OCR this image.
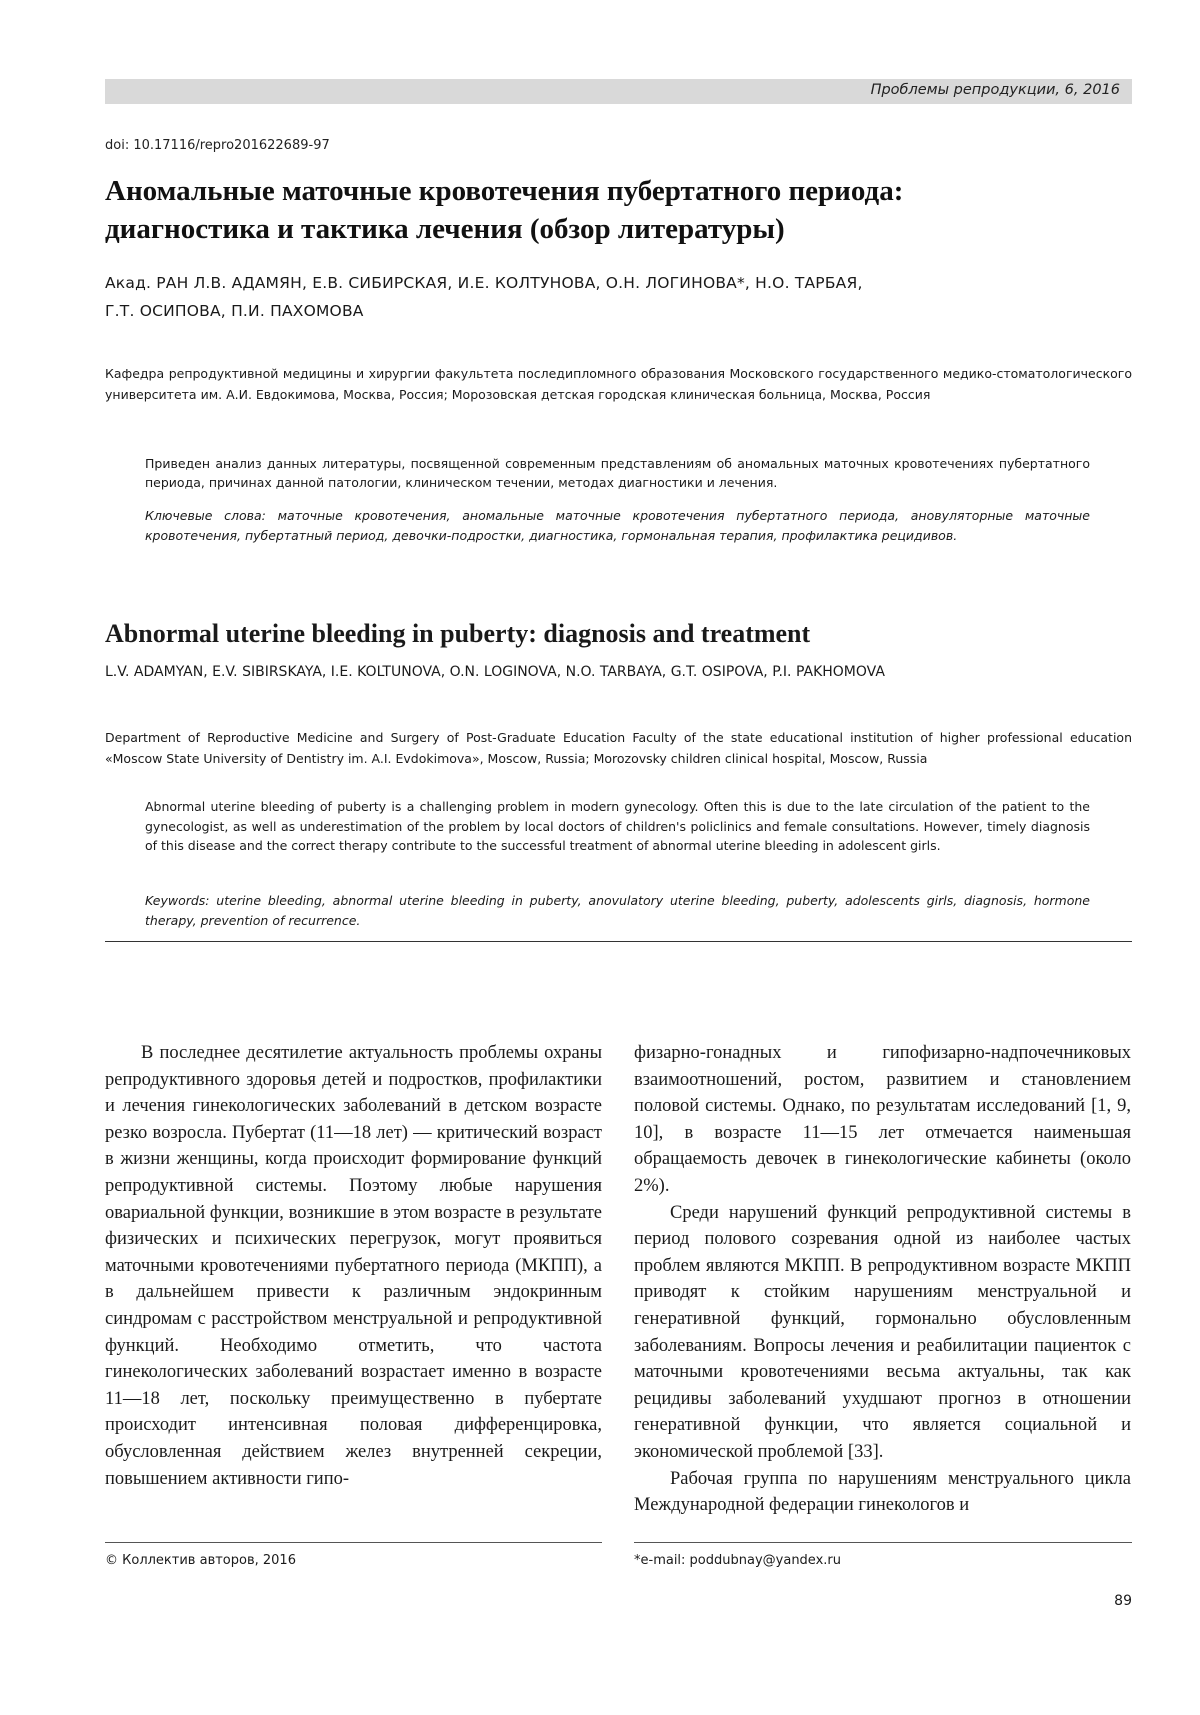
Проблемы репродукции, 6, 2016
doi: 10.17116/repro201622689-97
Аномальные маточные кровотечения пубертатного периода:
диагностика и тактика лечения (обзор литературы)
Акад. РАН Л.В. АДАМЯН, Е.В. СИБИРСКАЯ, И.Е. КОЛТУНОВА, О.Н. ЛОГИНОВА*, Н.О. ТАРБАЯ,
Г.Т. ОСИПОВА, П.И. ПАХОМОВА
Кафедра репродуктивной медицины и хирургии факультета последипломного образования Московского государственного медико-стоматологического университета им. А.И. Евдокимова, Москва, Россия; Морозовская детская городская клиническая больница, Москва, Россия
Приведен анализ данных литературы, посвященной современным представлениям об аномальных маточных кровотечениях пубертатного периода, причинах данной патологии, клиническом течении, методах диагностики и лечения.
Ключевые слова: маточные кровотечения, аномальные маточные кровотечения пубертатного периода, ановуляторные маточные кровотечения, пубертатный период, девочки-подростки, диагностика, гормональная терапия, профилактика рецидивов.
Abnormal uterine bleeding in puberty: diagnosis and treatment
L.V. ADAMYAN, E.V. SIBIRSKAYA, I.E. KOLTUNOVA, O.N. LOGINOVA, N.O. TARBAYA, G.T. OSIPOVA, P.I. PAKHOMOVA
Department of Reproductive Medicine and Surgery of Post-Graduate Education Faculty of the state educational institution of higher professional education «Moscow State University of Dentistry im. A.I. Evdokimova», Moscow, Russia; Morozovsky children clinical hospital, Moscow, Russia
Abnormal uterine bleeding of puberty is a challenging problem in modern gynecology. Often this is due to the late circulation of the patient to the gynecologist, as well as underestimation of the problem by local doctors of children's policlinics and female consultations. However, timely diagnosis of this disease and the correct therapy contribute to the successful treatment of abnormal uterine bleeding in adolescent girls.
Keywords: uterine bleeding, abnormal uterine bleeding in puberty, anovulatory uterine bleeding, puberty, adolescents girls, diagnosis, hormone therapy, prevention of recurrence.

В последнее десятилетие актуальность проблемы охраны репродуктивного здоровья детей и подростков, профилактики и лечения гинекологических заболеваний в детском возрасте резко возросла. Пубертат (11—18 лет) — критический возраст в жизни женщины, когда происходит формирование функций репродуктивной системы. Поэтому любые нарушения овариальной функции, возникшие в этом возрасте в результате физических и психических перегрузок, могут проявиться маточными кровотечениями пубертатного периода (МКПП), а в дальнейшем привести к различным эндокринным синдромам с расстройством менструальной и репродуктивной функций. Необходимо отметить, что частота гинекологических заболеваний возрастает именно в возрасте 11—18 лет, поскольку преимущественно в пубертате происходит интенсивная половая дифференцировка, обусловленная действием желез внутренней секреции, повышением активности гипо-

физарно-гонадных и гипофизарно-надпочечниковых взаимоотношений, ростом, развитием и становлением половой системы. Однако, по результатам исследований [1, 9, 10], в возрасте 11—15 лет отмечается наименьшая обращаемость девочек в гинекологические кабинеты (около 2%).

Среди нарушений функций репродуктивной системы в период полового созревания одной из наиболее частых проблем являются МКПП. В репродуктивном возрасте МКПП приводят к стойким нарушениям менструальной и генеративной функций, гормонально обусловленным заболеваниям. Вопросы лечения и реабилитации пациенток с маточными кровотечениями весьма актуальны, так как рецидивы заболеваний ухудшают прогноз в отношении генеративной функции, что является социальной и экономической проблемой [33].

Рабочая группа по нарушениям менструального цикла Международной федерации гинекологов и

© Коллектив авторов, 2016	*e-mail: poddubnay@yandex.ru
89
